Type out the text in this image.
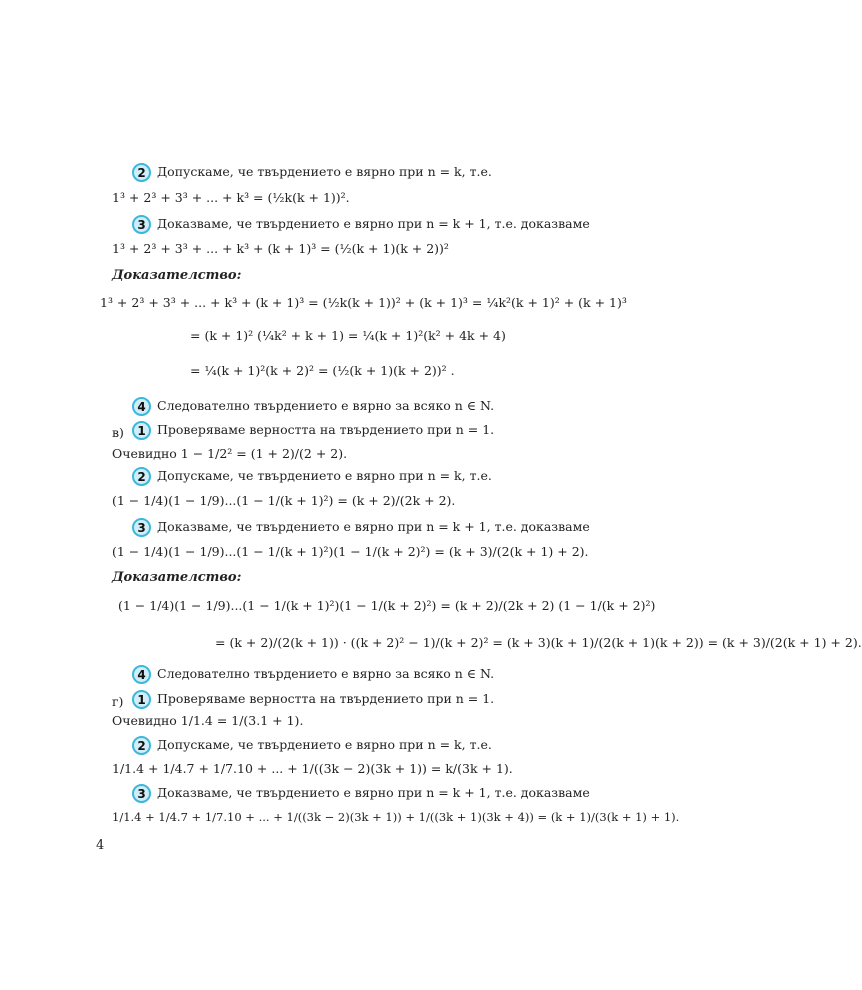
2 Допускаме, че твърдението е вярно при n = k, т.е.
1³ + 2³ + 3³ + ... + k³ = (½k(k + 1))².
3 Доказваме, че твърдението е вярно при n = k + 1, т.е. доказваме
1³ + 2³ + 3³ + ... + k³ + (k + 1)³ = (½(k + 1)(k + 2))²
Доказателство:
1³ + 2³ + 3³ + ... + k³ + (k + 1)³ = (½k(k + 1))² + (k + 1)³ = ¼k²(k + 1)² + (k + 1)³
= (k + 1)² (¼k² + k + 1) = ¼(k + 1)²(k² + 4k + 4)
= ¼(k + 1)²(k + 2)² = (½(k + 1)(k + 2))² .
4 Следователно твърдението е вярно за всяко n ∈ N.
в)	1 Проверяваме верността на твърдението при n = 1.
Очевидно 1 − 1/2² = (1 + 2)/(2 + 2).
2 Допускаме, че твърдението е вярно при n = k, т.е.
(1 − 1/4)(1 − 1/9)...(1 − 1/(k + 1)²) = (k + 2)/(2k + 2).
3 Доказваме, че твърдението е вярно при n = k + 1, т.е. доказваме
(1 − 1/4)(1 − 1/9)...(1 − 1/(k + 1)²)(1 − 1/(k + 2)²) = (k + 3)/(2(k + 1) + 2).
Доказателство:
(1 − 1/4)(1 − 1/9)...(1 − 1/(k + 1)²)(1 − 1/(k + 2)²) = (k + 2)/(2k + 2) (1 − 1/(k + 2)²)
= (k + 2)/(2(k + 1)) · ((k + 2)² − 1)/(k + 2)² = (k + 3)(k + 1)/(2(k + 1)(k + 2)) = (k + 3)/(2(k + 1) + 2).
4 Следователно твърдението е вярно за всяко n ∈ N.
г)	1 Проверяваме верността на твърдението при n = 1.
Очевидно 1/1.4 = 1/(3.1 + 1).
2 Допускаме, че твърдението е вярно при n = k, т.е.
1/1.4 + 1/4.7 + 1/7.10 + ... + 1/((3k − 2)(3k + 1)) = k/(3k + 1).
3 Доказваме, че твърдението е вярно при n = k + 1, т.е. доказваме
1/1.4 + 1/4.7 + 1/7.10 + ... + 1/((3k − 2)(3k + 1)) + 1/((3k + 1)(3k + 4)) = (k + 1)/(3(k + 1) + 1).
4
